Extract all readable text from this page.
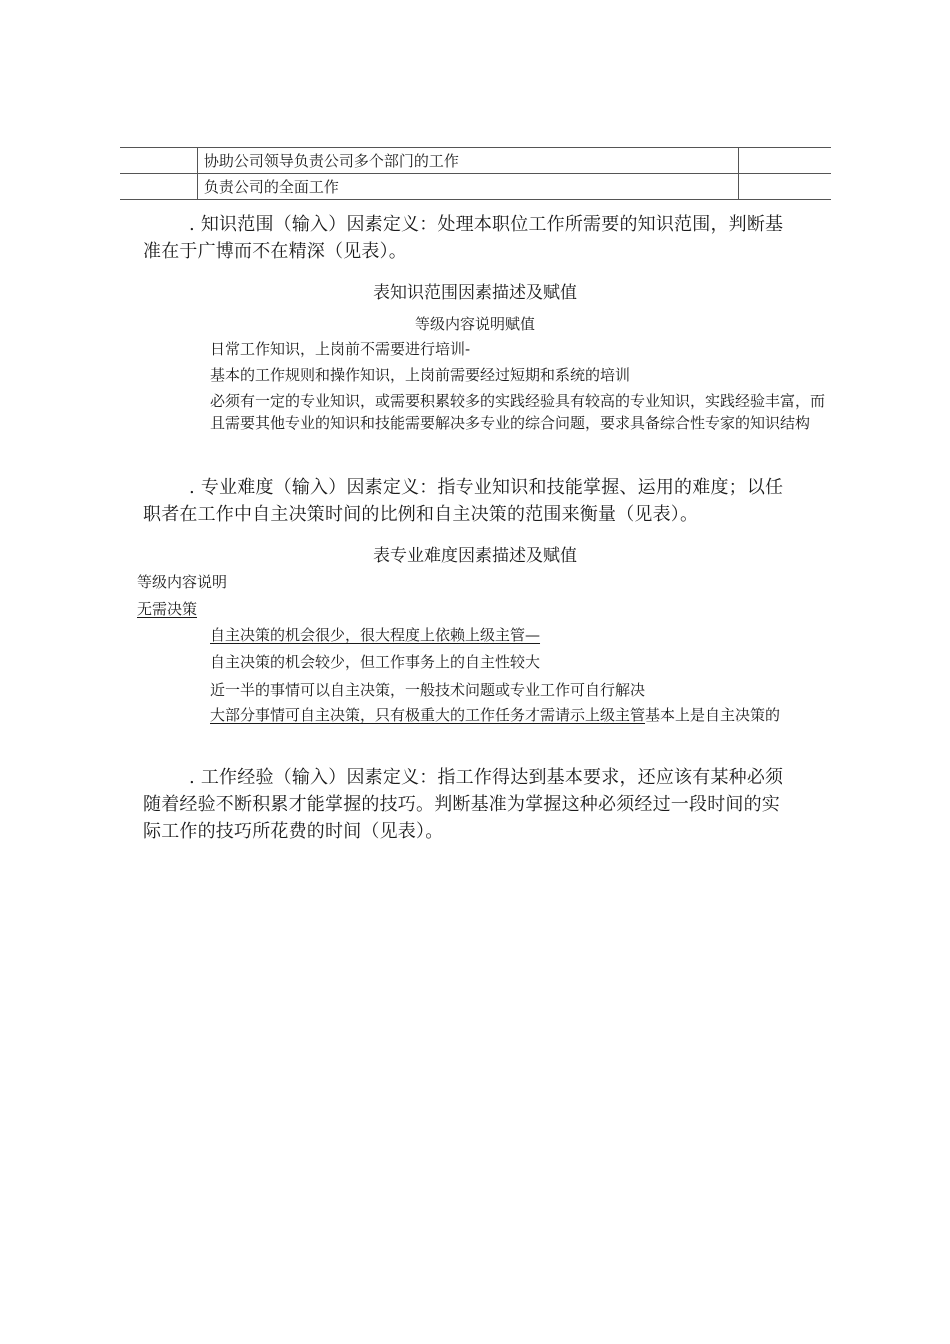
	协助公司领导负责公司多个部门的工作	
	负责公司的全面工作	
. 知识范围（输入）因素定义：处理本职位工作所需要的知识范围，判断基
准在于广博而不在精深（见表）。
表知识范围因素描述及赋值
等级内容说明赋值
日常工作知识，上岗前不需要进行培训-
基本的工作规则和操作知识，上岗前需要经过短期和系统的培训
必须有一定的专业知识，或需要积累较多的实践经验具有较高的专业知识，实践经验丰富，而且需要其他专业的知识和技能需要解决多专业的综合问题，要求具备综合性专家的知识结构
. 专业难度（输入）因素定义：指专业知识和技能掌握、运用的难度；以任
职者在工作中自主决策时间的比例和自主决策的范围来衡量（见表）。
表专业难度因素描述及赋值
等级内容说明
无需决策
自主决策的机会很少，很大程度上依赖上级主管—
自主决策的机会较少，但工作事务上的自主性较大
近一半的事情可以自主决策，一般技术问题或专业工作可自行解决
大部分事情可自主决策，只有极重大的工作任务才需请示上级主管基本上是自主决策的
. 工作经验（输入）因素定义：指工作得达到基本要求，还应该有某种必须
随着经验不断积累才能掌握的技巧。判断基准为掌握这种必须经过一段时间的实
际工作的技巧所花费的时间（见表）。
